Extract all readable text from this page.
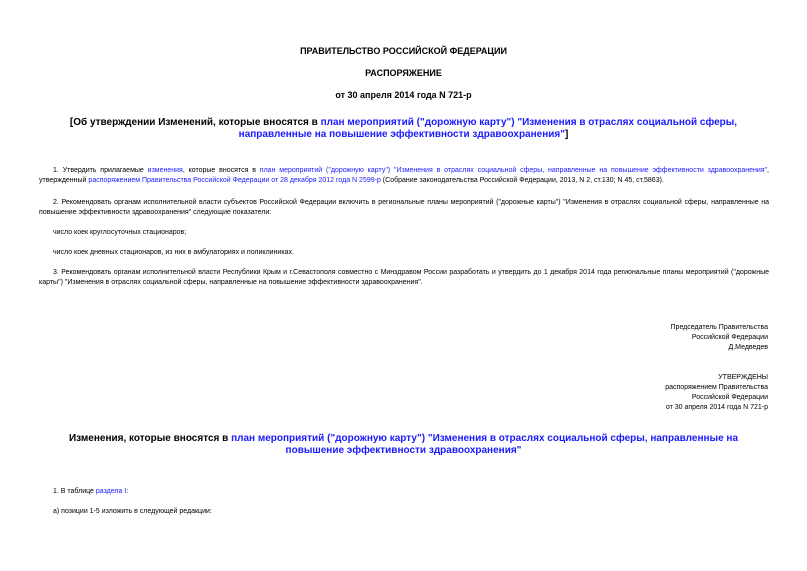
ПРАВИТЕЛЬСТВО РОССИЙСКОЙ ФЕДЕРАЦИИ
РАСПОРЯЖЕНИЕ
от 30 апреля 2014 года N 721-р
[Об утверждении Изменений, которые вносятся в план мероприятий ("дорожную карту") "Изменения в отраслях социальной сферы, направленные на повышение эффективности здравоохранения"]
1. Утвердить прилагаемые изменения, которые вносятся в план мероприятий ("дорожную карту") "Изменения в отраслях социальной сферы, направленные на повышение эффективности здравоохранения", утвержденный распоряжением Правительства Российской Федерации от 28 декабря 2012 года N 2599-р (Собрание законодательства Российской Федерации, 2013, N 2, ст.130; N 45, ст.5863).
2. Рекомендовать органам исполнительной власти субъектов Российской Федерации включить в региональные планы мероприятий ("дорожные карты") "Изменения в отраслях социальной сферы, направленные на повышение эффективности здравоохранения" следующие показатели:
число коек круглосуточных стационаров;
число коек дневных стационаров, из них в амбулаториях и поликлиниках.
3. Рекомендовать органам исполнительной власти Республики Крым и г.Севастополя совместно с Минздравом России разработать и утвердить до 1 декабря 2014 года региональные планы мероприятий ("дорожные карты") "Изменения в отраслях социальной сферы, направленные на повышение эффективности здравоохранения".
Председатель Правительства
Российской Федерации
Д.Медведев
УТВЕРЖДЕНЫ
распоряжением Правительства
Российской Федерации
от 30 апреля 2014 года N 721-р
Изменения, которые вносятся в план мероприятий ("дорожную карту") "Изменения в отраслях социальной сферы, направленные на повышение эффективности здравоохранения"
1. В таблице раздела I:
а) позиции 1-5 изложить в следующей редакции:
